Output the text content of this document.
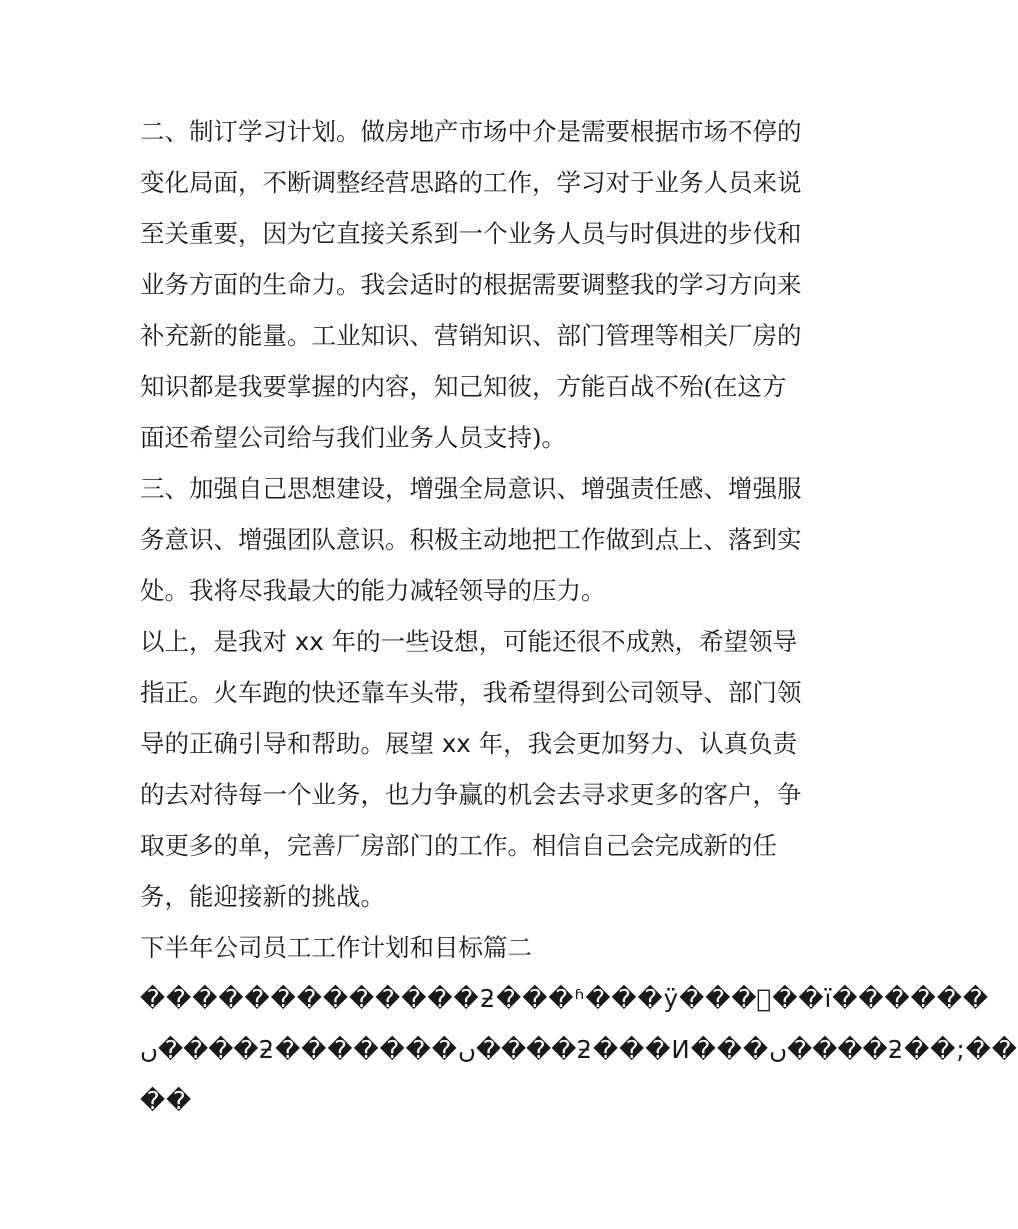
二、制订学习计划。做房地产市场中介是需要根据市场不停的
变化局面，不断调整经营思路的工作，学习对于业务人员来说
至关重要，因为它直接关系到一个业务人员与时俱进的步伐和
业务方面的生命力。我会适时的根据需要调整我的学习方向来
补充新的能量。工业知识、营销知识、部门管理等相关厂房的
知识都是我要掌握的内容，知己知彼，方能百战不殆(在这方
面还希望公司给与我们业务人员支持)。
三、加强自己思想建设，增强全局意识、增强责任感、增强服
务意识、增强团队意识。积极主动地把工作做到点上、落到实
处。我将尽我最大的能力减轻领导的压力。
以上，是我对 xx 年的一些设想，可能还很不成熟，希望领导
指正。火车跑的快还靠车头带，我希望得到公司领导、部门领
导的正确引导和帮助。展望 xx 年，我会更加努力、认真负责
的去对待每一个业务，也力争赢的机会去寻求更多的客户，争
取更多的单，完善厂房部门的工作。相信自己会完成新的任
务，能迎接新的挑战。
下半年公司员工工作计划和目标篇二
�������������ƻ���ʱ���ÿ���ͬ��ï������
ں����ƻ�������ں����ƻ���И���ں����ƻ��;��
��
